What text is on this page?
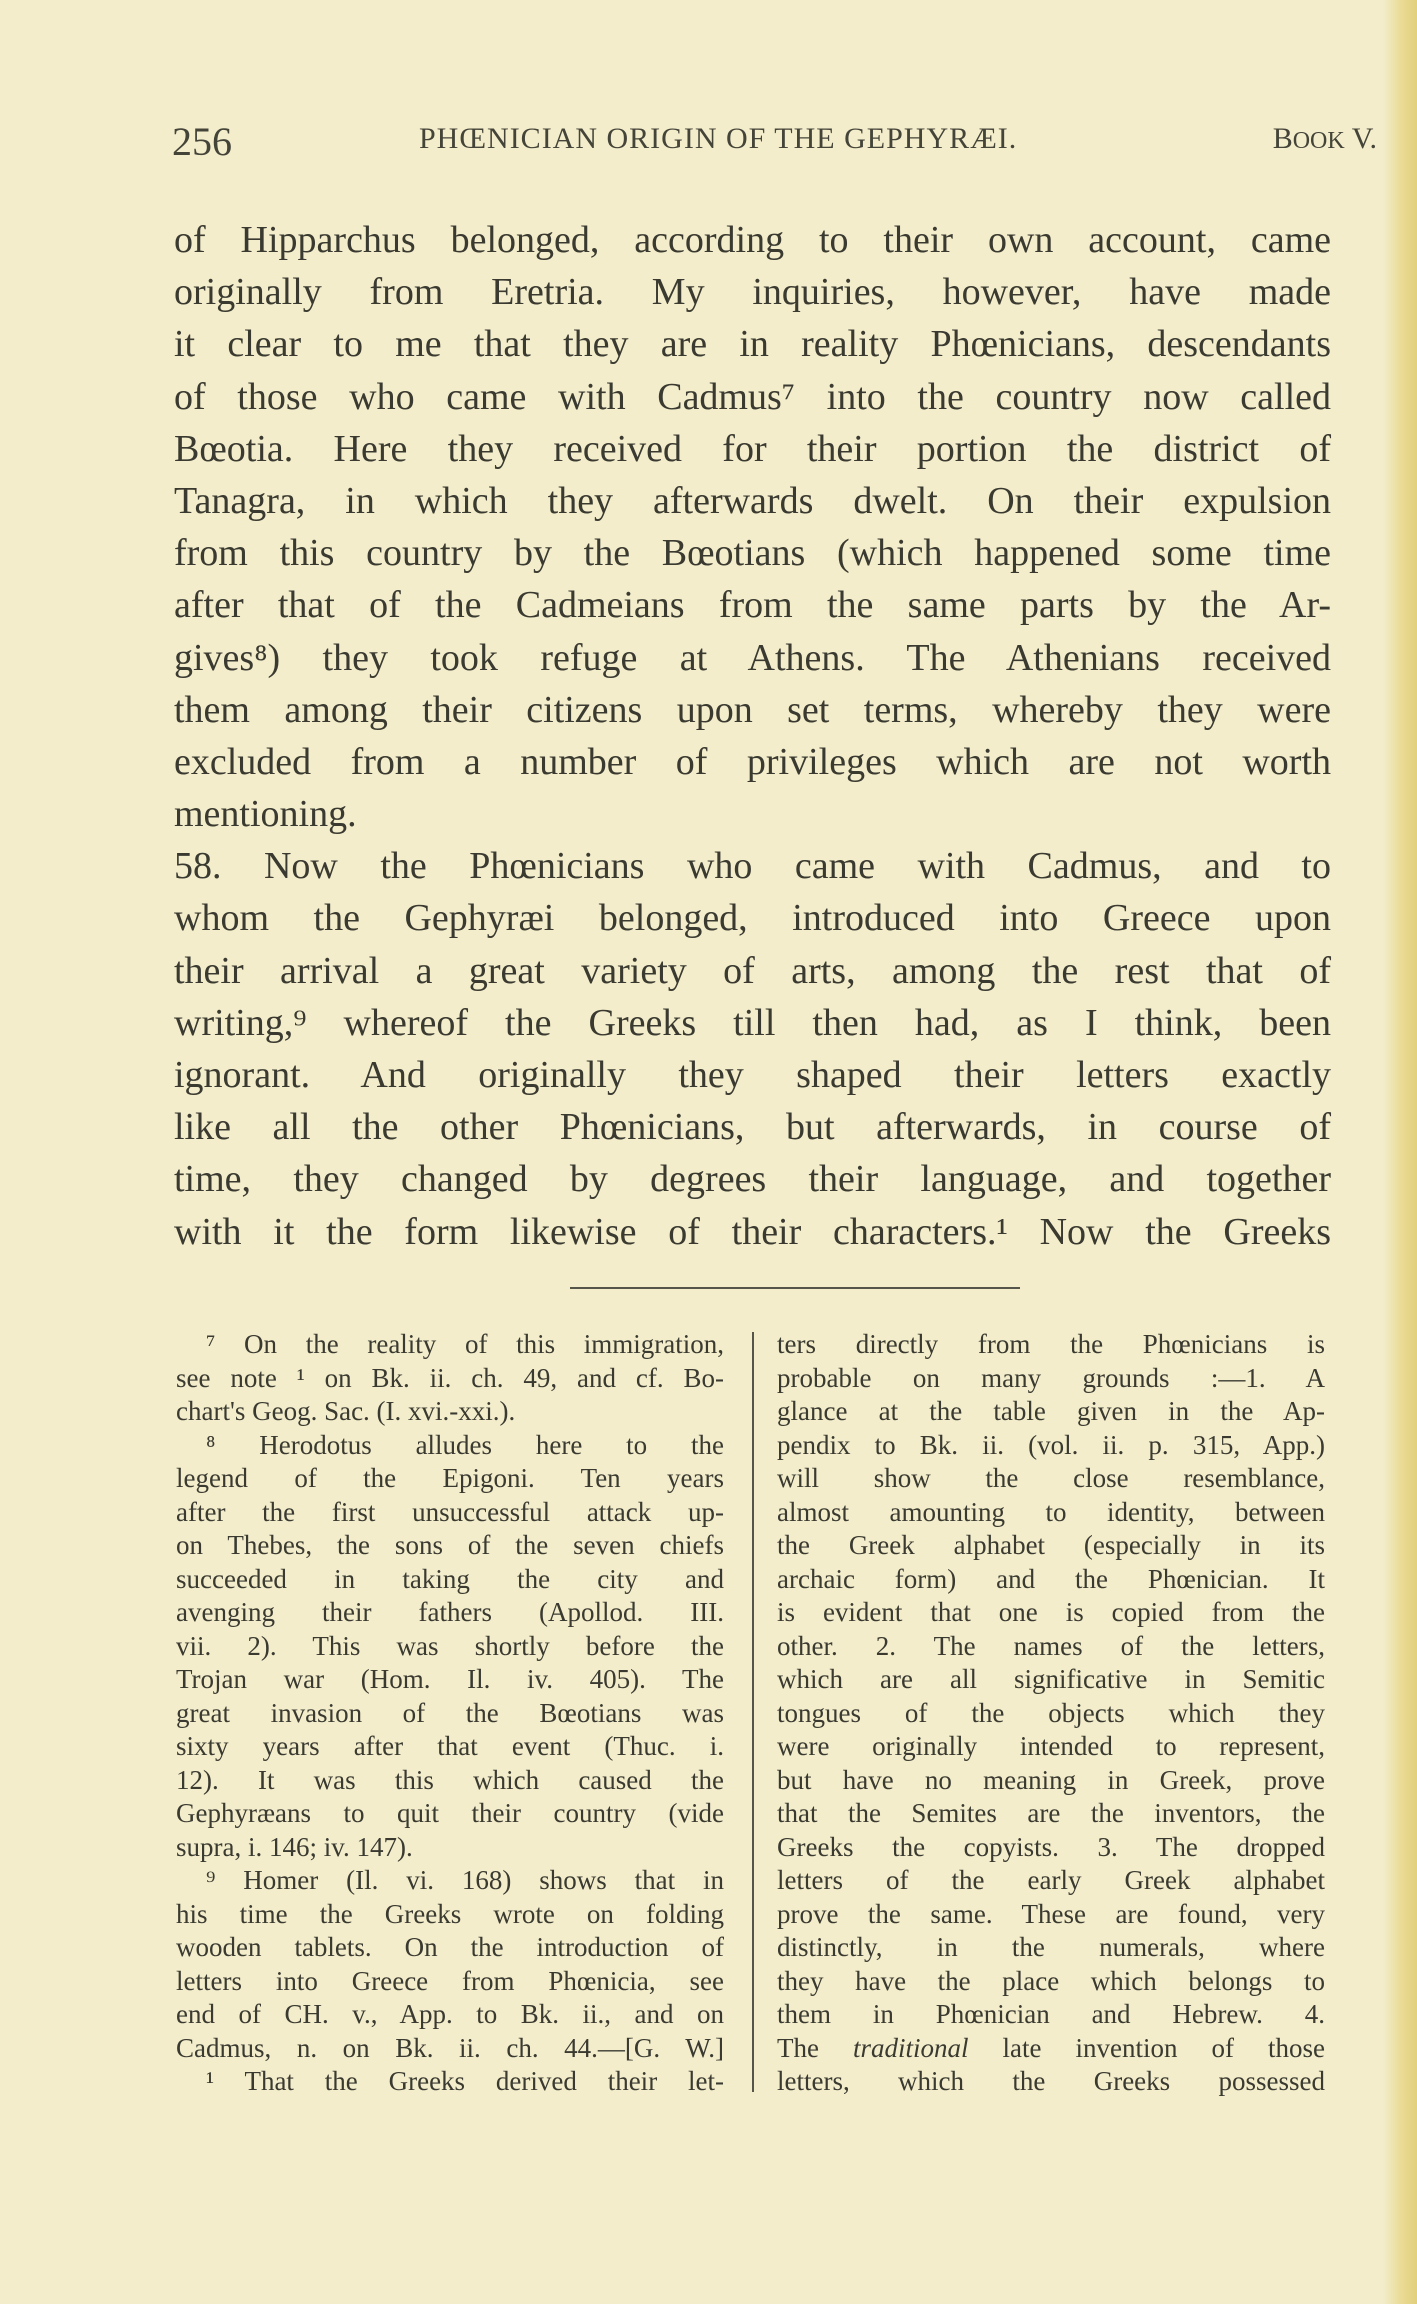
256	PHŒNICIAN ORIGIN OF THE GEPHYRÆI.	BOOK V.
of Hipparchus belonged, according to their own account, came
originally from Eretria. My inquiries, however, have made
it clear to me that they are in reality Phœnicians, descendants
of those who came with Cadmus⁷ into the country now called
Bœotia. Here they received for their portion the district of
Tanagra, in which they afterwards dwelt. On their expulsion
from this country by the Bœotians (which happened some time
after that of the Cadmeians from the same parts by the Ar-
gives⁸) they took refuge at Athens. The Athenians received
them among their citizens upon set terms, whereby they were
excluded from a number of privileges which are not worth
mentioning.
58. Now the Phœnicians who came with Cadmus, and to
whom the Gephyræi belonged, introduced into Greece upon
their arrival a great variety of arts, among the rest that of
writing,⁹ whereof the Greeks till then had, as I think, been
ignorant. And originally they shaped their letters exactly
like all the other Phœnicians, but afterwards, in course of
time, they changed by degrees their language, and together
with it the form likewise of their characters.¹ Now the Greeks
⁷ On the reality of this immigration,
see note ¹ on Bk. ii. ch. 49, and cf. Bo-
chart's Geog. Sac. (I. xvi.-xxi.).
⁸ Herodotus alludes here to the
legend of the Epigoni. Ten years
after the first unsuccessful attack up-
on Thebes, the sons of the seven chiefs
succeeded in taking the city and
avenging their fathers (Apollod. III.
vii. 2). This was shortly before the
Trojan war (Hom. Il. iv. 405). The
great invasion of the Bœotians was
sixty years after that event (Thuc. i.
12). It was this which caused the
Gephyræans to quit their country (vide
supra, i. 146; iv. 147).
⁹ Homer (Il. vi. 168) shows that in
his time the Greeks wrote on folding
wooden tablets. On the introduction of
letters into Greece from Phœnicia, see
end of CH. v., App. to Bk. ii., and on
Cadmus, n. on Bk. ii. ch. 44.—[G. W.]
¹ That the Greeks derived their let-
ters directly from the Phœnicians is
probable on many grounds :—1. A
glance at the table given in the Ap-
pendix to Bk. ii. (vol. ii. p. 315, App.)
will show the close resemblance,
almost amounting to identity, between
the Greek alphabet (especially in its
archaic form) and the Phœnician. It
is evident that one is copied from the
other. 2. The names of the letters,
which are all significative in Semitic
tongues of the objects which they
were originally intended to represent,
but have no meaning in Greek, prove
that the Semites are the inventors, the
Greeks the copyists. 3. The dropped
letters of the early Greek alphabet
prove the same. These are found, very
distinctly, in the numerals, where
they have the place which belongs to
them in Phœnician and Hebrew. 4.
The traditional late invention of those
letters, which the Greeks possessed
